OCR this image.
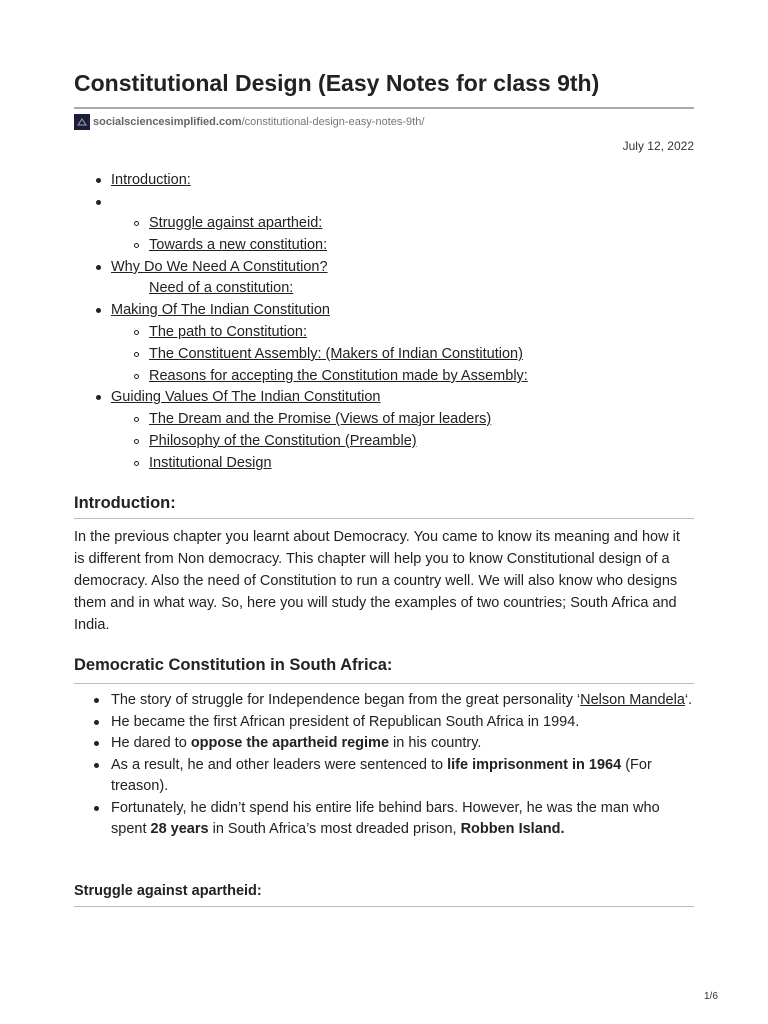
Constitutional Design (Easy Notes for class 9th)
socialsciencesimplified.com /constitutional-design-easy-notes-9th/
July 12, 2022
Introduction:
Struggle against apartheid:
Towards a new constitution:
Why Do We Need A Constitution?
Need of a constitution:
Making Of The Indian Constitution
The path to Constitution:
The Constituent Assembly: (Makers of Indian Constitution)
Reasons for accepting the Constitution made by Assembly:
Guiding Values Of The Indian Constitution
The Dream and the Promise (Views of major leaders)
Philosophy of the Constitution (Preamble)
Institutional Design
Introduction:

In the previous chapter you learnt about Democracy. You came to know its meaning and how it is different from Non democracy. This chapter will help you to know Constitutional design of a democracy. Also the need of Constitution to run a country well. We will also know who designs them and in what way. So, here you will study the examples of two countries; South Africa and India.

Democratic Constitution in South Africa:
The story of struggle for Independence began from the great personality ‘Nelson Mandela‘.
He became the first African president of Republican South Africa in 1994.
He dared to oppose the apartheid regime in his country.
As a result, he and other leaders were sentenced to life imprisonment in 1964 (For treason).
Fortunately, he didn’t spend his entire life behind bars. However, he was the man who spent 28 years in South Africa’s most dreaded prison, Robben Island.
Struggle against apartheid:
1/6
